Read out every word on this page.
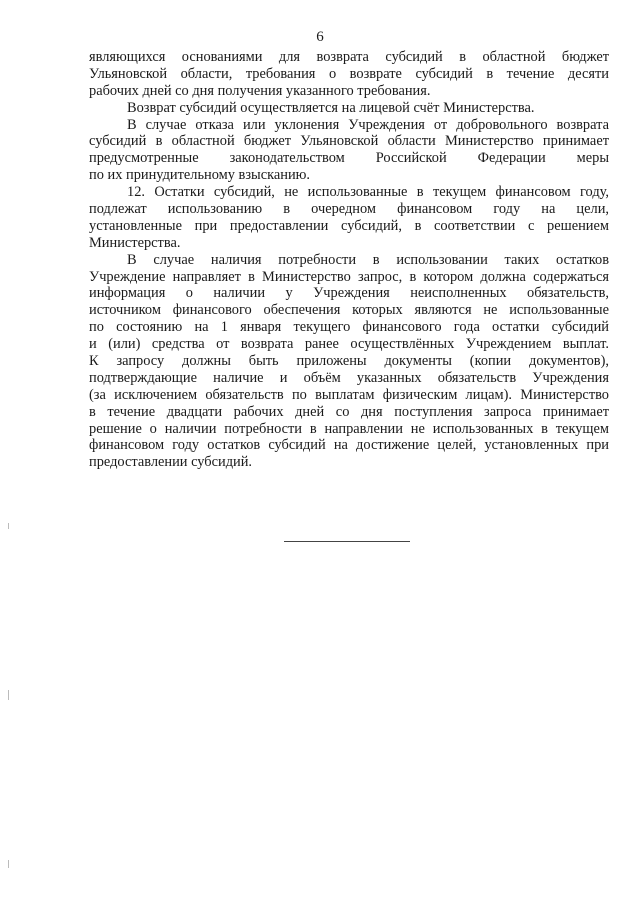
6
являющихся основаниями для возврата субсидий в областной бюджет
Ульяновской области, требования о возврате субсидий в течение десяти
рабочих дней со дня получения указанного требования.
Возврат субсидий осуществляется на лицевой счёт Министерства.
В случае отказа или уклонения Учреждения от добровольного возврата
субсидий в областной бюджет Ульяновской области Министерство принимает
предусмотренные законодательством Российской Федерации меры
по их принудительному взысканию.
12. Остатки субсидий, не использованные в текущем финансовом году,
подлежат использованию в очередном финансовом году на цели,
установленные при предоставлении субсидий, в соответствии с решением
Министерства.
В случае наличия потребности в использовании таких остатков
Учреждение направляет в Министерство запрос, в котором должна содержаться
информация о наличии у Учреждения неисполненных обязательств,
источником финансового обеспечения которых являются не использованные
по состоянию на 1 января текущего финансового года остатки субсидий
и (или) средства от возврата ранее осуществлённых Учреждением выплат.
К запросу должны быть приложены документы (копии документов),
подтверждающие наличие и объём указанных обязательств Учреждения
(за исключением обязательств по выплатам физическим лицам). Министерство
в течение двадцати рабочих дней со дня поступления запроса принимает
решение о наличии потребности в направлении не использованных в текущем
финансовом году остатков субсидий на достижение целей, установленных при
предоставлении субсидий.
